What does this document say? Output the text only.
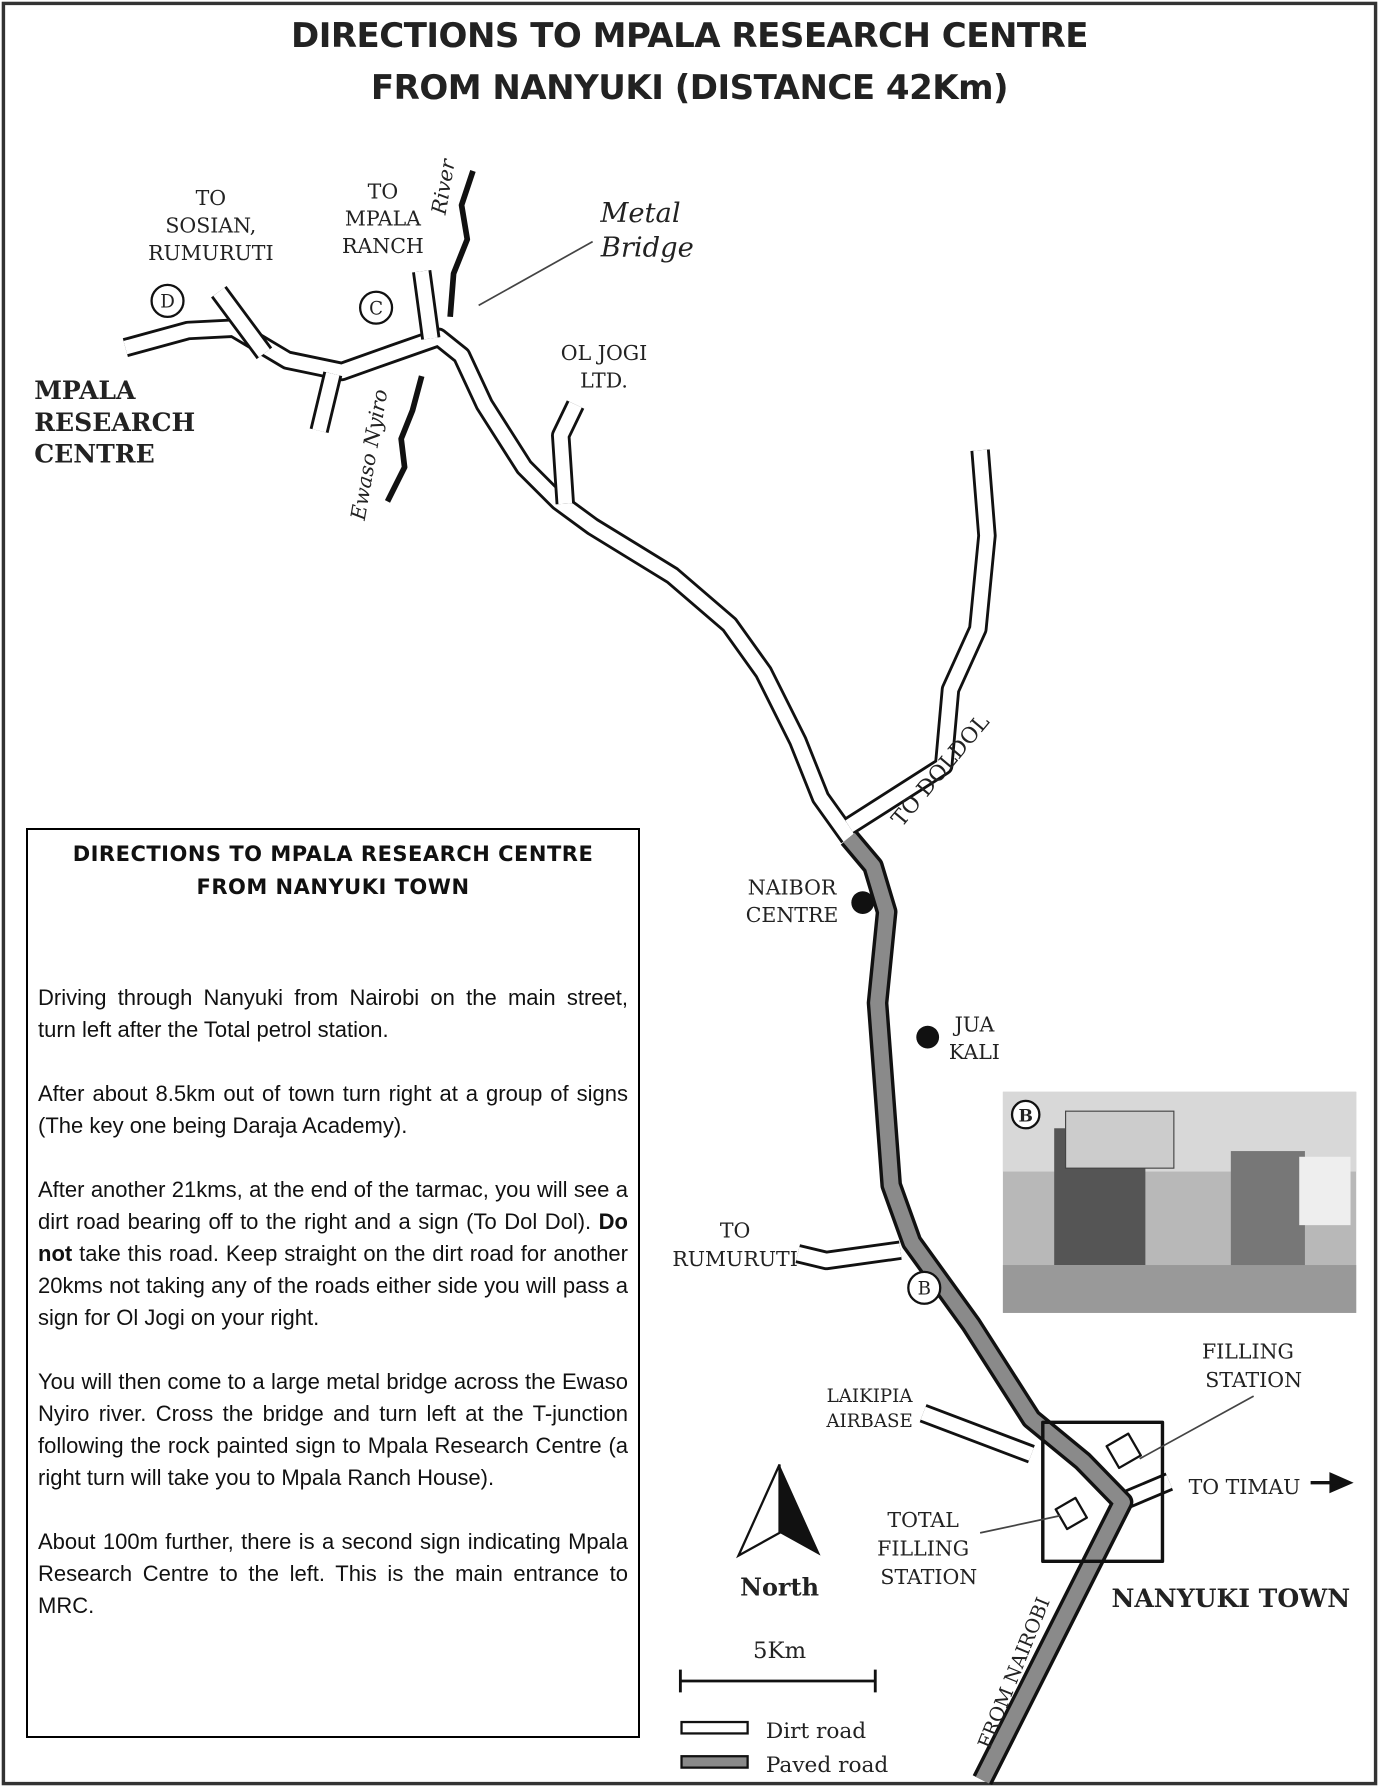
TO
SOSIAN,
RUMURUTI
TO
MPALA
RANCH
River	Metal
Bridge
Ewaso Nyiro
OL JOGI
LTD.
TO DOLDOL
NAIBOR
CENTRE
JUA
KALI
TO
RUMURUTI
LAIKIPIA
AIRBASE
FILLING
STATION
TO TIMAU
TOTAL
FILLING
STATION
NANYUKI TOWN
FROM NAIROBI
North
5Km
MPALA
RESEARCH
CENTRE
D	C
B
Dirt road
Paved road
B
DIRECTIONS TO MPALA RESEARCH CENTRE
FROM NANYUKI (DISTANCE 42Km)
DIRECTIONS TO MPALA RESEARCH CENTRE
FROM NANYUKI TOWN

Driving through Nanyuki from Nairobi on the main street, turn left after the Total petrol station.

After about 8.5km out of town turn right at a group of signs (The key one being Daraja Academy).

After another 21kms, at the end of the tarmac, you will see a dirt road bearing off to the right and a sign (To Dol Dol). Do not take this road. Keep straight on the dirt road for another 20kms not taking any of the roads either side you will pass a sign for Ol Jogi on your right.

You will then come to a large metal bridge across the Ewaso Nyiro river. Cross the bridge and turn left at the T-junction following the rock painted sign to Mpala Research Centre (a right turn will take you to Mpala Ranch House).

About 100m further, there is a second sign indicating Mpala Research Centre to the left. This is the main entrance to MRC.
